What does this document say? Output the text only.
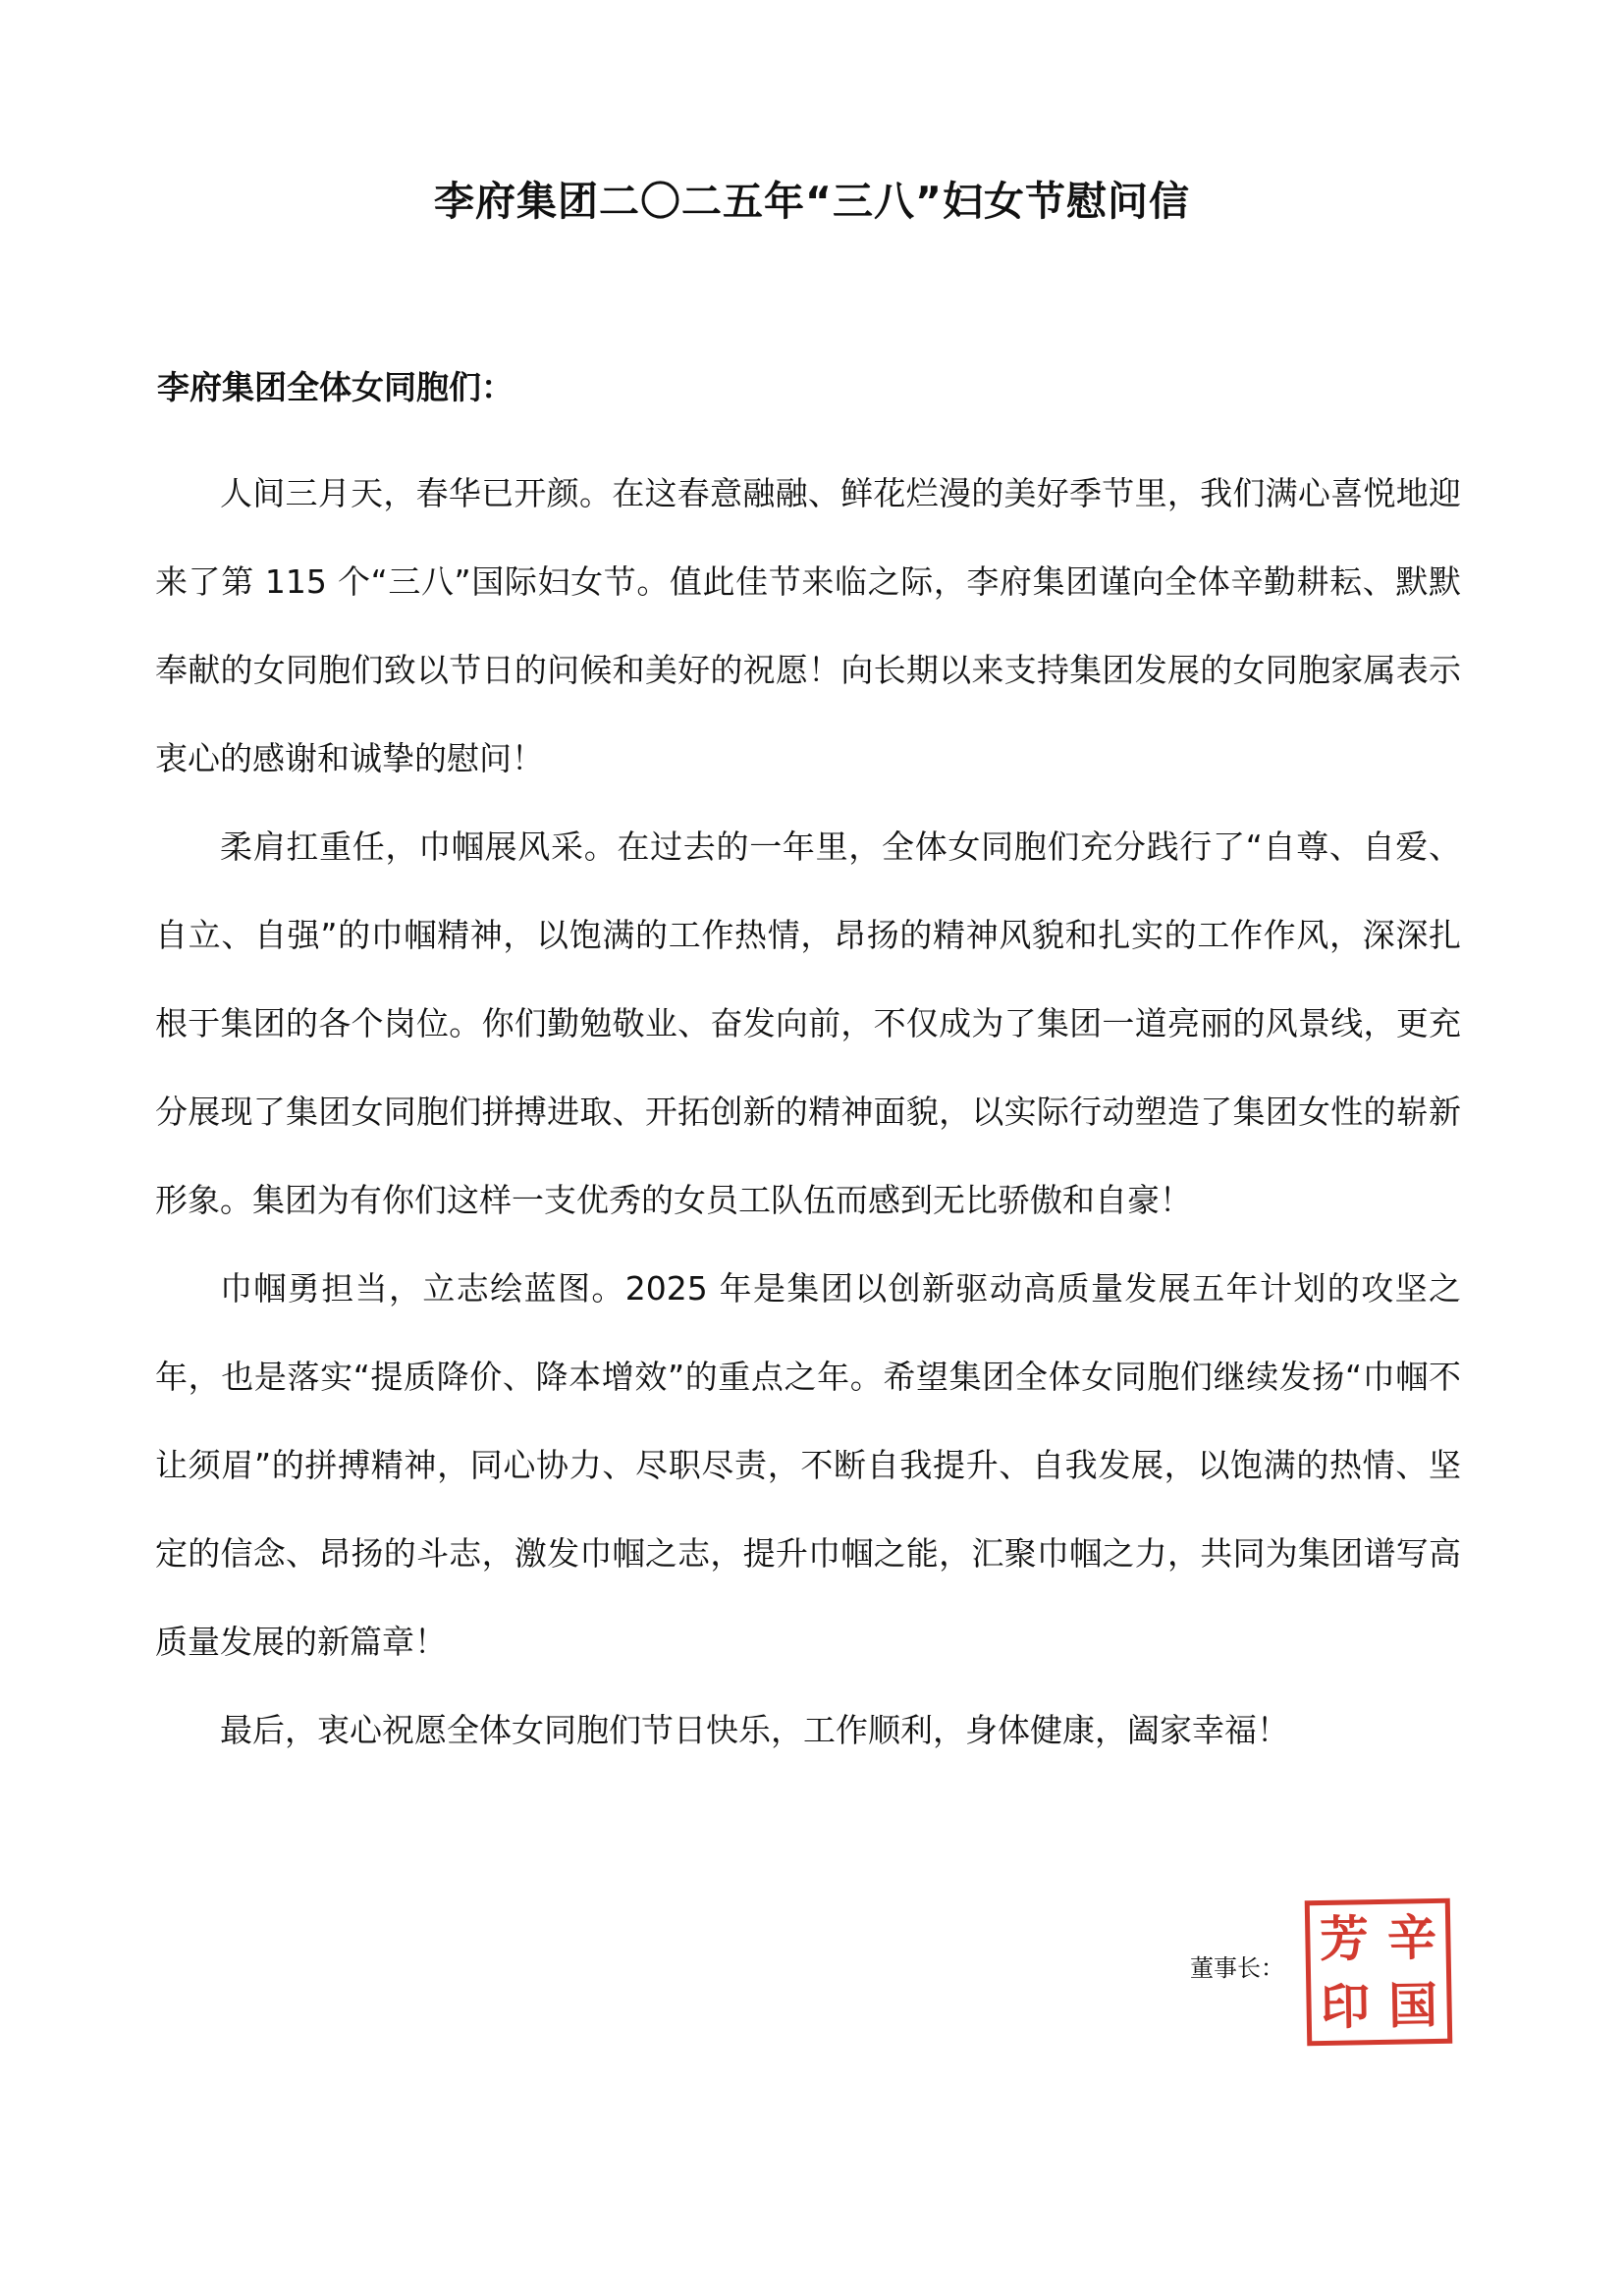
李府集团二〇二五年“三八”妇女节慰问信
李府集团全体女同胞们：

人间三月天，春华已开颜。在这春意融融、鲜花烂漫的美好季节里，我们满心喜悦地迎来了第 115 个“三八”国际妇女节。值此佳节来临之际，李府集团谨向全体辛勤耕耘、默默奉献的女同胞们致以节日的问候和美好的祝愿！向长期以来支持集团发展的女同胞家属表示衷心的感谢和诚挚的慰问！

柔肩扛重任，巾帼展风采。在过去的一年里，全体女同胞们充分践行了“自尊、自爱、自立、自强”的巾帼精神，以饱满的工作热情，昂扬的精神风貌和扎实的工作作风，深深扎根于集团的各个岗位。你们勤勉敬业、奋发向前，不仅成为了集团一道亮丽的风景线，更充分展现了集团女同胞们拼搏进取、开拓创新的精神面貌，以实际行动塑造了集团女性的崭新形象。集团为有你们这样一支优秀的女员工队伍而感到无比骄傲和自豪！

巾帼勇担当，立志绘蓝图。2025 年是集团以创新驱动高质量发展五年计划的攻坚之年，也是落实“提质降价、降本增效”的重点之年。希望集团全体女同胞们继续发扬“巾帼不让须眉”的拼搏精神，同心协力、尽职尽责，不断自我提升、自我发展，以饱满的热情、坚定的信念、昂扬的斗志，激发巾帼之志，提升巾帼之能，汇聚巾帼之力，共同为集团谱写高质量发展的新篇章！

最后，衷心祝愿全体女同胞们节日快乐，工作顺利，身体健康，阖家幸福！

董事长：
芳 辛
印 国
